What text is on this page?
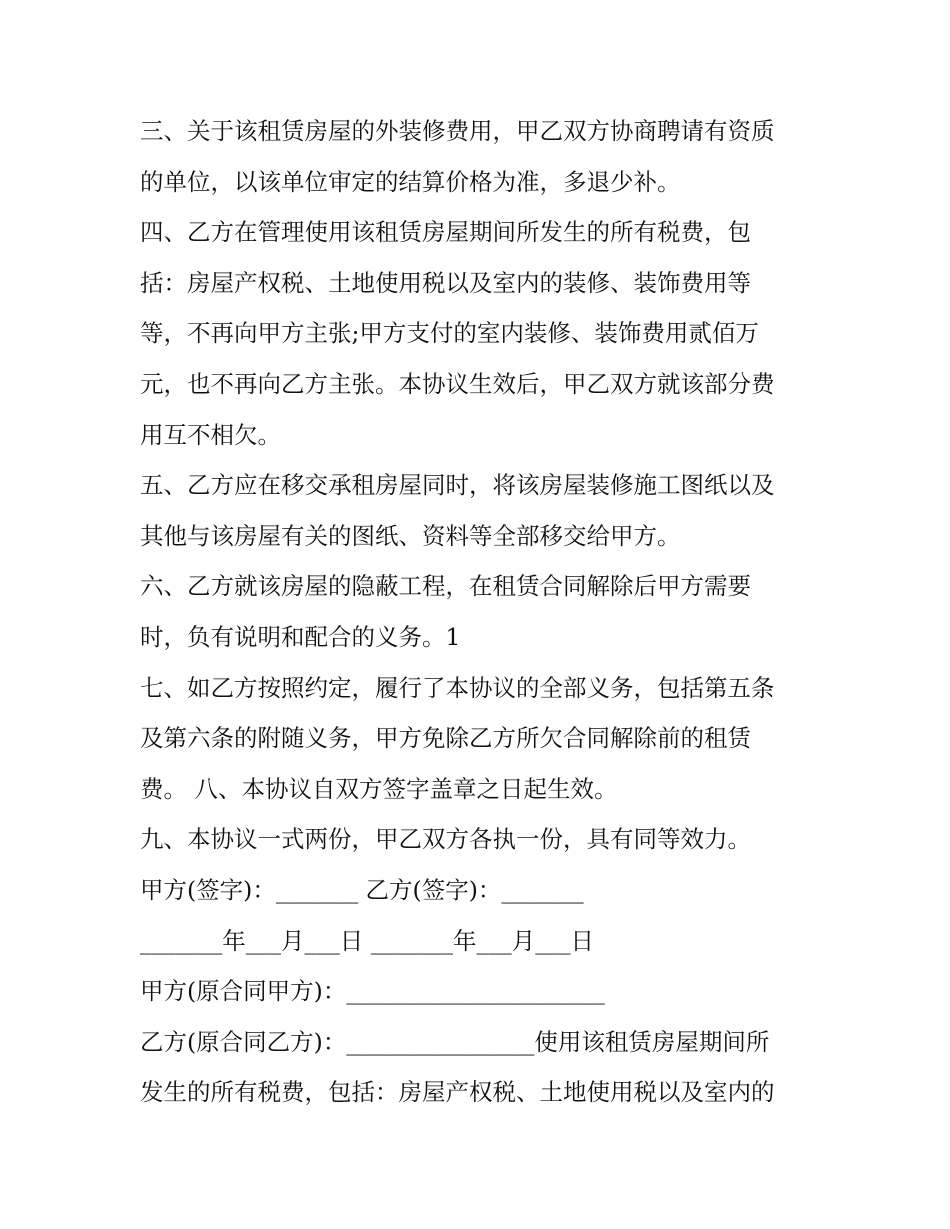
三、关于该租赁房屋的外装修费用，甲乙双方协商聘请有资质
的单位，以该单位审定的结算价格为准，多退少补。
四、乙方在管理使用该租赁房屋期间所发生的所有税费，包
括：房屋产权税、土地使用税以及室内的装修、装饰费用等
等，不再向甲方主张;甲方支付的室内装修、装饰费用贰佰万
元，也不再向乙方主张。本协议生效后，甲乙双方就该部分费
用互不相欠。
五、乙方应在移交承租房屋同时，将该房屋装修施工图纸以及
其他与该房屋有关的图纸、资料等全部移交给甲方。
六、乙方就该房屋的隐蔽工程，在租赁合同解除后甲方需要
时，负有说明和配合的义务。1
七、如乙方按照约定，履行了本协议的全部义务，包括第五条
及第六条的附随义务，甲方免除乙方所欠合同解除前的租赁
费。 八、本协议自双方签字盖章之日起生效。
九、本协议一式两份，甲乙双方各执一份，具有同等效力。
甲方(签字)：_______ 乙方(签字)：_______
_______年___月___日 _______年___月___日
甲方(原合同甲方)：______________________
乙方(原合同乙方)：________________使用该租赁房屋期间所
发生的所有税费，包括：房屋产权税、土地使用税以及室内的
